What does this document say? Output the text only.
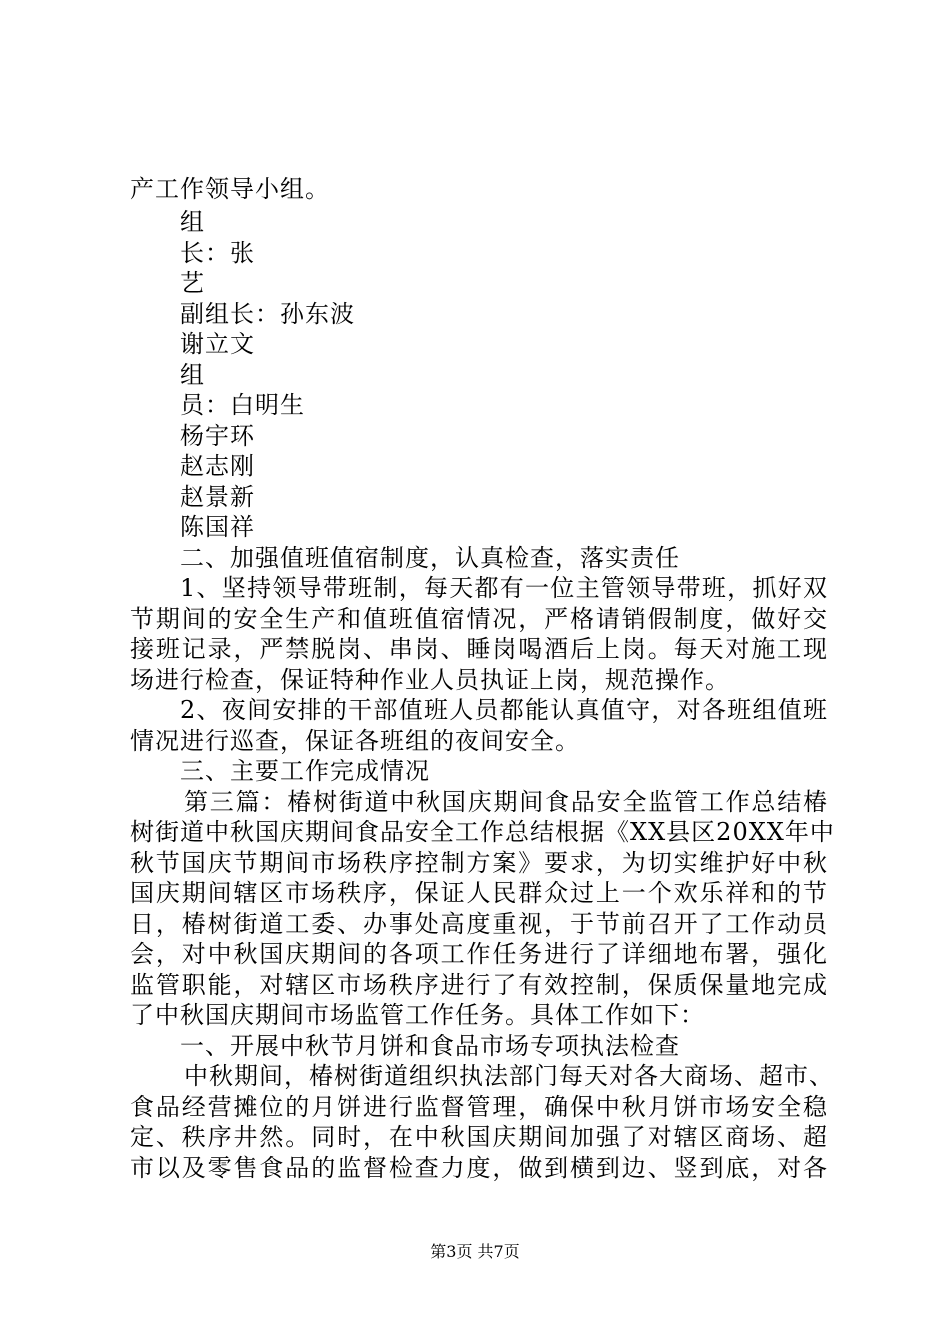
产工作领导小组。
组
长：张
艺
副组长：孙东波
谢立文
组
员：白明生
杨宇环
赵志刚
赵景新
陈国祥
二、加强值班值宿制度，认真检查，落实责任
1、坚持领导带班制，每天都有一位主管领导带班，抓好双
节期间的安全生产和值班值宿情况，严格请销假制度，做好交
接班记录，严禁脱岗、串岗、睡岗喝酒后上岗。每天对施工现
场进行检查，保证特种作业人员执证上岗，规范操作。
2、夜间安排的干部值班人员都能认真值守，对各班组值班
情况进行巡查，保证各班组的夜间安全。
三、主要工作完成情况
第三篇：椿树街道中秋国庆期间食品安全监管工作总结椿
树街道中秋国庆期间食品安全工作总结根据《XX县区20XX年中
秋节国庆节期间市场秩序控制方案》要求，为切实维护好中秋
国庆期间辖区市场秩序，保证人民群众过上一个欢乐祥和的节
日，椿树街道工委、办事处高度重视，于节前召开了工作动员
会，对中秋国庆期间的各项工作任务进行了详细地布署，强化
监管职能，对辖区市场秩序进行了有效控制，保质保量地完成
了中秋国庆期间市场监管工作任务。具体工作如下：
一、开展中秋节月饼和食品市场专项执法检查
中秋期间，椿树街道组织执法部门每天对各大商场、超市、
食品经营摊位的月饼进行监督管理，确保中秋月饼市场安全稳
定、秩序井然。同时，在中秋国庆期间加强了对辖区商场、超
市以及零售食品的监督检查力度，做到横到边、竖到底，对各
第3页 共7页
